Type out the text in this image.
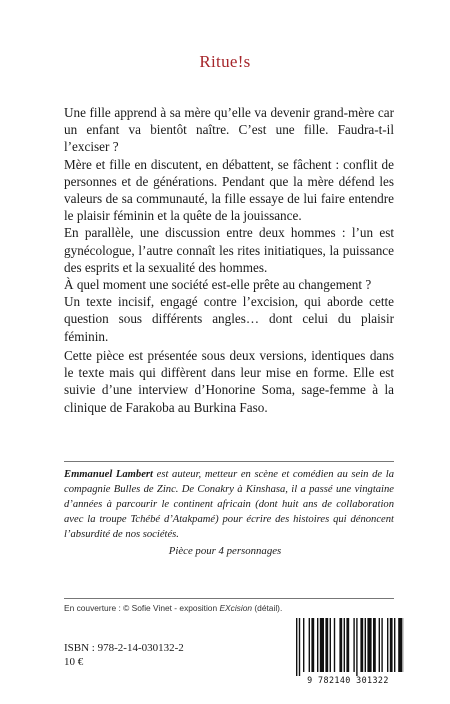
Ritue!s

Une fille apprend à sa mère qu’elle va devenir grand-mère car un enfant va bientôt naître. C’est une fille. Faudra-t-il l’exciser ?

Mère et fille en discutent, en débattent, se fâchent : conflit de personnes et de générations. Pendant que la mère défend les valeurs de sa communauté, la fille essaye de lui faire entendre le plaisir féminin et la quête de la jouissance.

En parallèle, une discussion entre deux hommes : l’un est gynécologue, l’autre connaît les rites initiatiques, la puissance des esprits et la sexualité des hommes.

À quel moment une société est-elle prête au changement ?

Un texte incisif, engagé contre l’excision, qui aborde cette question sous différents angles… dont celui du plaisir féminin.

Cette pièce est présentée sous deux versions, identiques dans le texte mais qui diffèrent dans leur mise en forme. Elle est suivie d’une interview d’Honorine Soma, sage-femme à la clinique de Farakoba au Burkina Faso.

Emmanuel Lambert est auteur, metteur en scène et comédien au sein de la compagnie Bulles de Zinc. De Conakry à Kinshasa, il a passé une vingtaine d’années à parcourir le continent africain (dont huit ans de collaboration avec la troupe Tchébé d’Atakpamé) pour écrire des histoires qui dénoncent l’absurdité de nos sociétés.
Pièce pour 4 personnages
En couverture : © Sofie Vinet - exposition EXcision (détail).
ISBN : 978-2-14-030132-2
10 €
9 782140 301322
